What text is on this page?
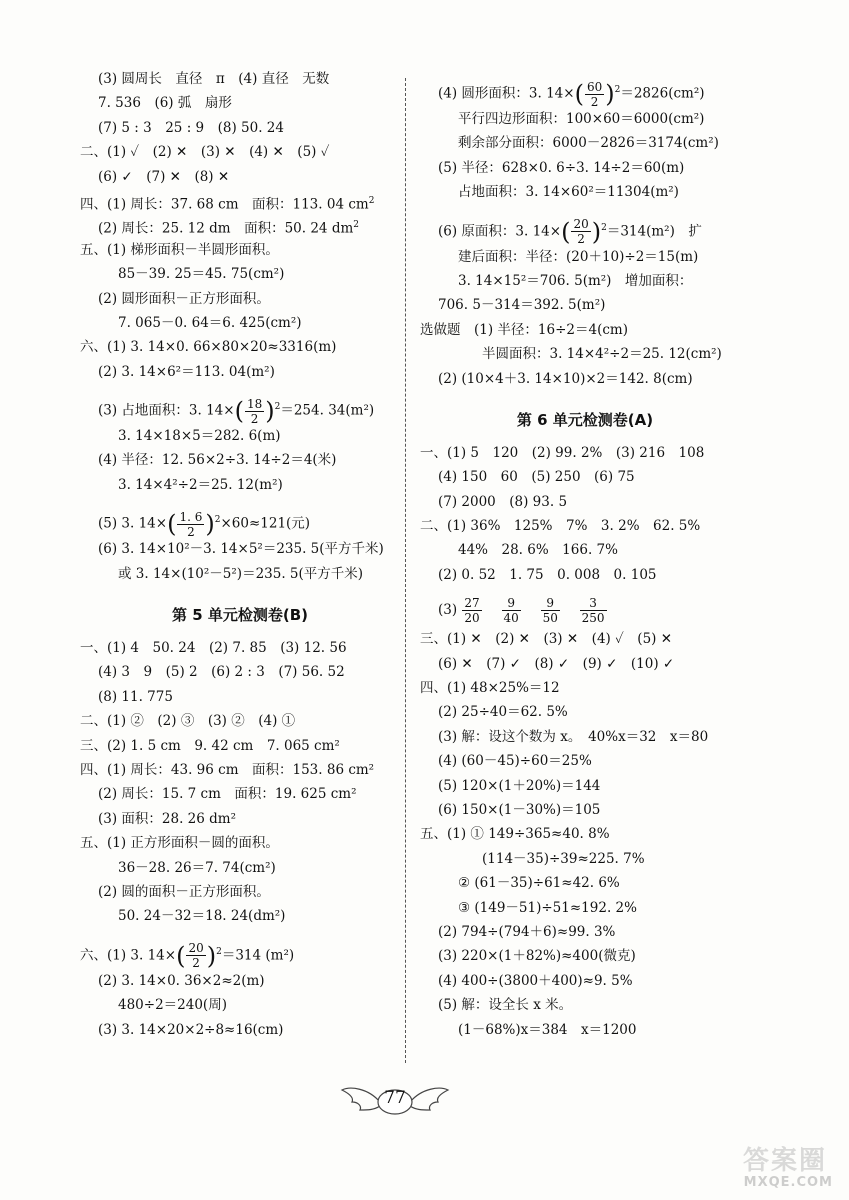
(3) 圆周长　直径　π　(4) 直径　无数
7. 536　(6) 弧　扇形
(7) 5 : 3　25 : 9　(8) 50. 24
二、(1) ✓　(2) ✕　(3) ✕　(4) ✕　(5) ✓
(6) ✓　(7) ✕　(8) ✕
四、(1) 周长：37. 68 cm　面积：113. 04 $cm^2$
(2) 周长：25. 12 dm　面积：50. 24 $dm^2$
五、(1) 梯形面积－半圆形面积。
85－39. 25＝45. 75(cm²)
(2) 圆形面积－正方形面积。
7. 065－0. 64＝6. 425(cm²)
六、(1) 3. 14×0. 66×80×20≈3316(m)
(2) 3. 14×6²＝113. 04(m²)
(3) 占地面积：3. $14\times( \frac{18}{2} )^2=254$. 34(m²)
3. 14×18×5＝282. 6(m)
(4) 半径：12. 56×2÷3. 14÷2＝4(米)
3. 14×4²÷2＝25. 12(m²)
(5) 3. $14\times( \frac{1. 6}{2} )^2\times 60\approx 121$(元)
(6) 3. 14×10²－3. 14×5²＝235. 5(平方千米)
或 3. 14×(10²－5²)＝235. 5(平方千米)
第 5 单元检测卷(B)
一、(1) 4　50. 24　(2) 7. 85　(3) 12. 56
(4) 3　9　(5) 2　(6) 2 : 3　(7) 56. 52
(8) 11. 775
二、(1) ②　(2) ③　(3) ②　(4) ①
三、(2) 1. 5 cm　9. 42 cm　7. 065 cm²
四、(1) 周长：43. 96 cm　面积：153. 86 cm²
(2) 周长：15. 7 cm　面积：19. 625 cm²
(3) 面积：28. 26 dm²
五、(1) 正方形面积－圆的面积。
36－28. 26＝7. 74(cm²)
(2) 圆的面积－正方形面积。
50. 24－32＝18. 24(dm²)
六、(1) 3. $14\times( \frac{20}{2} )^2=314$ (m²)
(2) 3. 14×0. 36×2≈2(m)
480÷2＝240(周)
(3) 3. 14×20×2÷8≈16(cm)
(4) 圆形面积：3. $14\times( \frac{60}{2} )^2=2826(cm^2)$
平行四边形面积：100×60＝6000(cm²)
剩余部分面积：6000－2826＝3174(cm²)
(5) 半径：628×0. 6÷3. 14÷2＝60(m)
占地面积：3. 14×60²＝11304(m²)
(6) 原面积：3. $14\times( \frac{20}{2} )^2=314(m^2)$　扩
建后面积：半径：(20＋10)÷2＝15(m)
3. 14×15²＝706. 5(m²)　增加面积：
706. 5－314＝392. 5(m²)
选做题　(1) 半径：16÷2＝4(cm)
半圆面积：3. 14×4²÷2＝25. 12(cm²)
(2) (10×4＋3. 14×10)×2＝142. 8(cm)
第 6 单元检测卷(A)
一、(1) 5　120　(2) 99. 2%　(3) 216　108
(4) 150　60　(5) 250　(6) 75
(7) 2000　(8) 93. 5
二、(1) 36%　125%　7%　3. 2%　62. 5%
44%　28. 6%　166. 7%
(2) 0. 52　1. 75　0. 008　0. 105
$(3) \frac{27}{20}$
　 $\frac{9}{40}$
　 $\frac{9}{50}$
　 $\frac{3}{250}$
三、(1) ✕　(2) ✕　(3) ✕　(4) ✓　(5) ✕
(6) ✕　(7) ✓　(8) ✓　(9) ✓　(10) ✓
四、(1) 48×25%＝12
(2) 25÷40＝62. 5%
(3) 解：设这个数为 x。　40%x＝32　x＝80
(4) (60－45)÷60＝25%
(5) 120×(1＋20%)＝144
(6) 150×(1－30%)＝105
五、(1) ① 149÷365≈40. 8%
(114－35)÷39≈225. 7%
② (61－35)÷61≈42. 6%
③ (149－51)÷51≈192. 2%
(2) 794÷(794＋6)≈99. 3%
(3) 220×(1＋82%)≈400(微克)
(4) 400÷(3800＋400)≈9. 5%
(5) 解：设全长 x 米。
(1－68%)x＝384　x＝1200
77
答案圈
MXQE.COM
